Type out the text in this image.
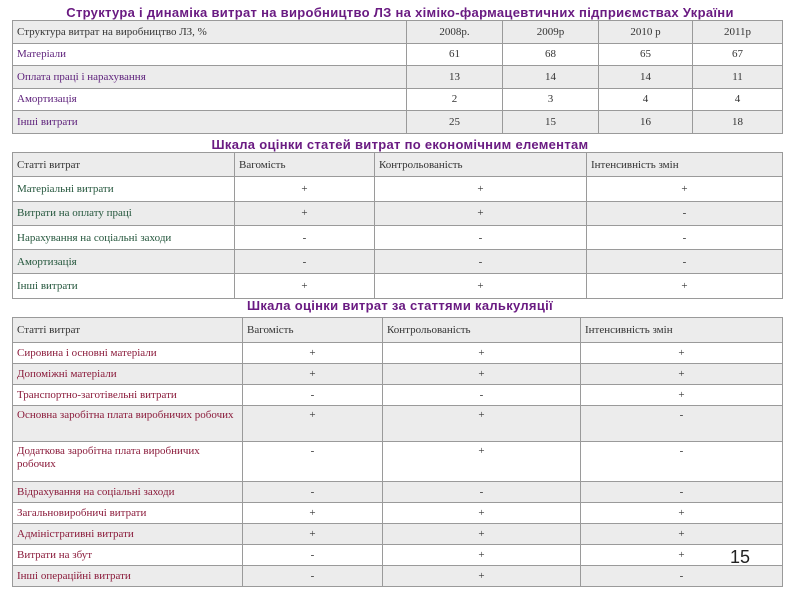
Структура і динаміка витрат на виробництво ЛЗ на хіміко-фармацевтичних підприємствах України
Структура витрат на виробництво ЛЗ, %	2008р.	2009р	2010 р	2011р
Матеріали	61	68	65	67
Оплата праці і нарахування	13	14	14	11
Амортизація	2	3	4	4
Інші витрати	25	15	16	18
Шкала оцінки статей витрат по економічним елементам
Статті витрат	Вагомість	Контрольованість	Інтенсивність змін
Матеріальні витрати	+	+	+
Витрати на оплату праці	+	+	-
Нарахування на соціальні заходи	-	-	-
Амортизація	-	-	-
Інші витрати	+	+	+
Шкала оцінки витрат за статтями калькуляції
Статті витрат	Вагомість	Контрольованість	Інтенсивність змін
Сировина і основні матеріали	+	+	+
Допоміжні матеріали	+	+	+
Транспортно-заготівельні витрати	-	-	+
Основна заробітна плата виробничих робочих	+	+	-
Додаткова заробітна плата виробничих робочих	-	+	-
Відрахування на соціальні заходи	-	-	-
Загальновиробничі витрати	+	+	+
Адміністративні витрати	+	+	+
Витрати на збут	-	+	+
Інші операційні витрати	-	+	-
15
